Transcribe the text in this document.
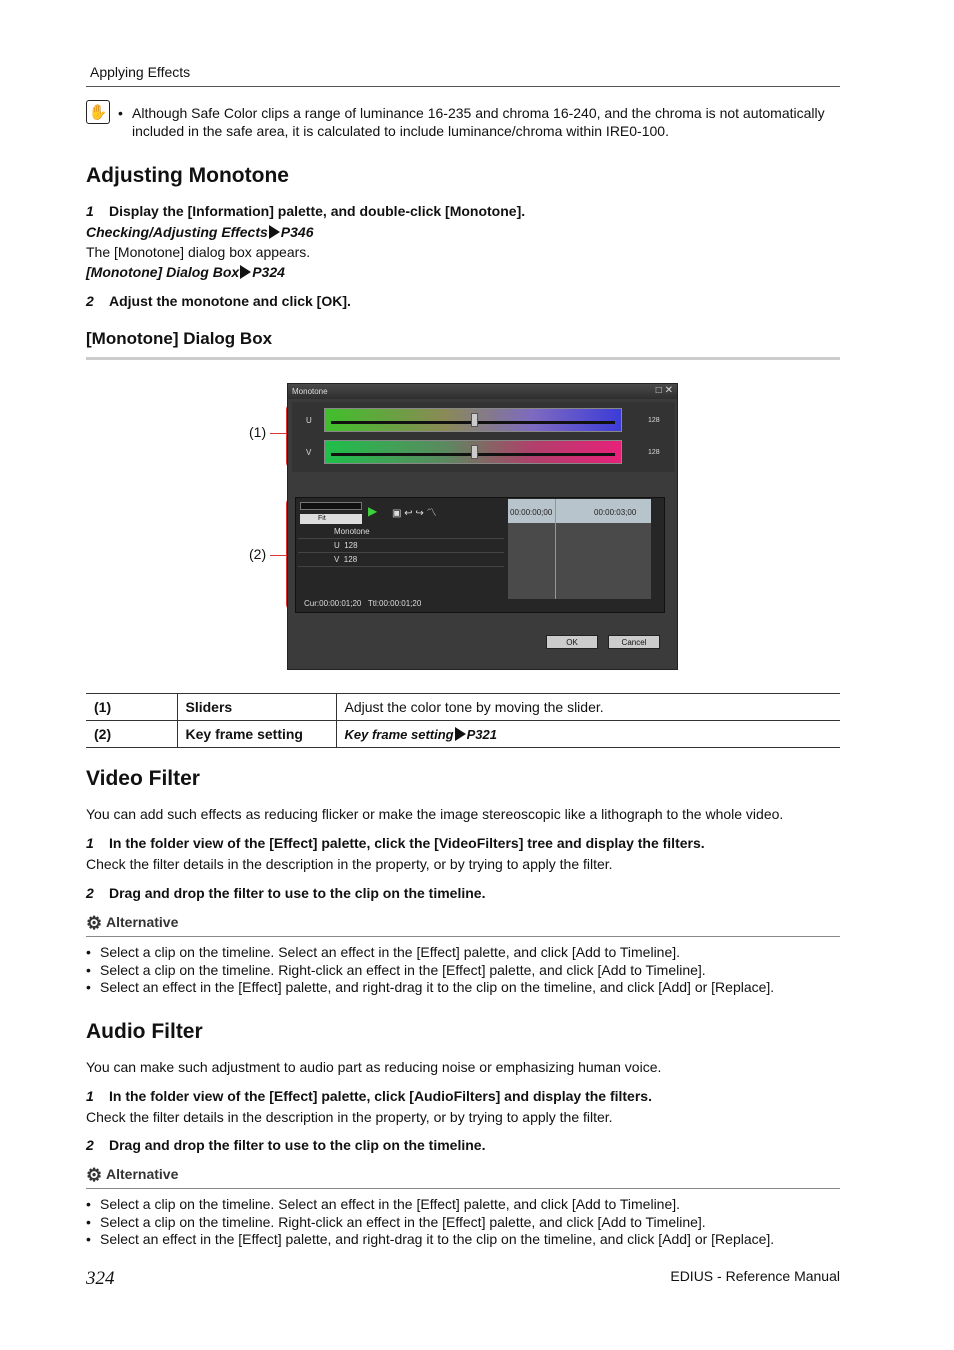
Applying Effects
✋ • Although Safe Color clips a range of luminance 16-235 and chroma 16-240, and the chroma is not automatically included in the safe area, it is calculated to include luminance/chroma within IRE0-100.
Adjusting Monotone
1 Display the [Information] palette, and double-click [Monotone].
Checking/Adjusting Effects P346
The [Monotone] dialog box appears.
[Monotone] Dialog Box P324
2 Adjust the monotone and click [OK].
[Monotone] Dialog Box
(1)
(2)
Monotone	□ ✕
U	128
V	128
Fit
▶ ▣ ↩ ↪ 〽
Monotone
U 128
V 128
00:00:00;00	00:00:03;00
Cur:00:00:01;20 Ttl:00:00:01;20
OK	Cancel
(1)	Sliders	Adjust the color tone by moving the slider.
(2)	Key frame setting	Key frame setting P321
Video Filter
You can add such effects as reducing flicker or make the image stereoscopic like a lithograph to the whole video.
1 In the folder view of the [Effect] palette, click the [VideoFilters] tree and display the filters.
Check the filter details in the description in the property, or by trying to apply the filter.
2 Drag and drop the filter to use to the clip on the timeline.
⚙ Alternative
• Select a clip on the timeline. Select an effect in the [Effect] palette, and click [Add to Timeline].
• Select a clip on the timeline. Right-click an effect in the [Effect] palette, and click [Add to Timeline].
• Select an effect in the [Effect] palette, and right-drag it to the clip on the timeline, and click [Add] or [Replace].
Audio Filter
You can make such adjustment to audio part as reducing noise or emphasizing human voice.
1 In the folder view of the [Effect] palette, click [AudioFilters] and display the filters.
Check the filter details in the description in the property, or by trying to apply the filter.
2 Drag and drop the filter to use to the clip on the timeline.
⚙ Alternative
• Select a clip on the timeline. Select an effect in the [Effect] palette, and click [Add to Timeline].
• Select a clip on the timeline. Right-click an effect in the [Effect] palette, and click [Add to Timeline].
• Select an effect in the [Effect] palette, and right-drag it to the clip on the timeline, and click [Add] or [Replace].
324	EDIUS - Reference Manual
